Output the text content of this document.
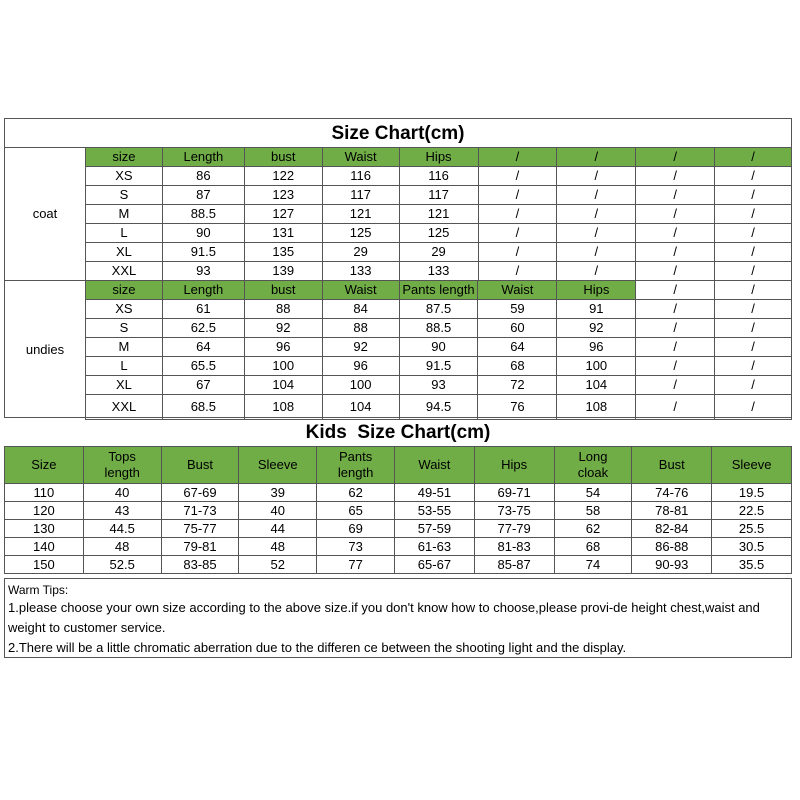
Size Chart(cm)
coat
undies
size	Length	bust	Waist	Hips	/	/	/	/
XS	86	122	116	116	/	/	/	/
S	87	123	117	117	/	/	/	/
M	88.5	127	121	121	/	/	/	/
L	90	131	125	125	/	/	/	/
XL	91.5	135	29	29	/	/	/	/
XXL	93	139	133	133	/	/	/	/
size	Length	bust	Waist	Pants length	Waist	Hips	/	/
XS	61	88	84	87.5	59	91	/	/
S	62.5	92	88	88.5	60	92	/	/
M	64	96	92	90	64	96	/	/
L	65.5	100	96	91.5	68	100	/	/
XL	67	104	100	93	72	104	/	/
XXL	68.5	108	104	94.5	76	108	/	/
Kids  Size Chart(cm)
Size	Tops length	Bust	Sleeve	Pants length	Waist	Hips	Long cloak	Bust	Sleeve
110	40	67-69	39	62	49-51	69-71	54	74-76	19.5
120	43	71-73	40	65	53-55	73-75	58	78-81	22.5
130	44.5	75-77	44	69	57-59	77-79	62	82-84	25.5
140	48	79-81	48	73	61-63	81-83	68	86-88	30.5
150	52.5	83-85	52	77	65-67	85-87	74	90-93	35.5
Warm Tips:
1.please choose your own size according to the above size.if you don't know how to choose,please provi-de height chest,waist and weight to customer service.
2.There will be a little chromatic aberration due to the differen ce between the shooting light and the display.
